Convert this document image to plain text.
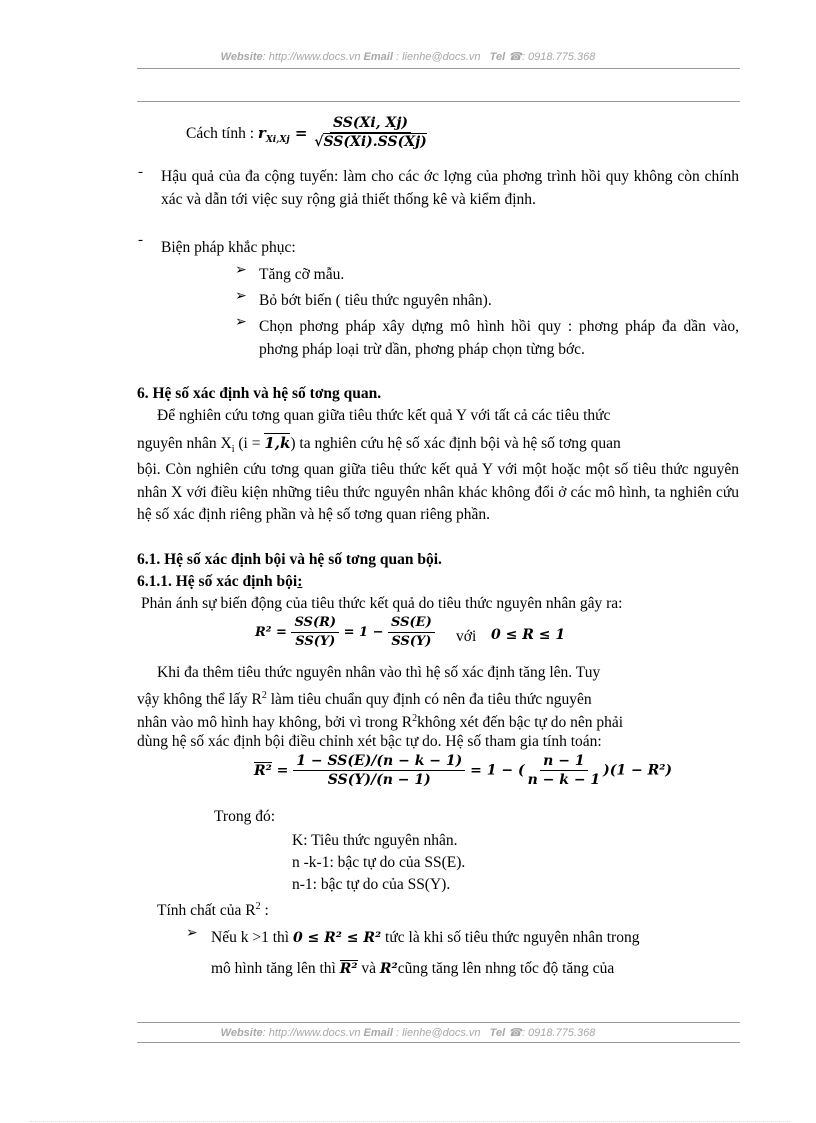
Website: http://www.docs.vn Email : lienhe@docs.vn Tel ☎: 0918.775.368
Cách tính : $r_{Xi,Xj} = \frac{SS(Xi, Xj)}{√SS(Xi).SS(Xj)}$
- Hậu quả của đa cộng tuyến: làm cho các ớc lợng của phơng trình hồi quy không còn chính xác và dẫn tới việc suy rộng giả thiết thống kê và kiểm định.
- Biện pháp khắc phục:
➢ Tăng cỡ mẫu.
➢ Bỏ bớt biến ( tiêu thức nguyên nhân).
➢ Chọn phơng pháp xây dựng mô hình hồi quy : phơng pháp đa dần vào, phơng pháp loại trừ dần, phơng pháp chọn từng bớc.
6. Hệ số xác định và hệ số tơng quan.
Để nghiên cứu tơng quan giữa tiêu thức kết quả Y với tất cả các tiêu thức
nguyên nhân $X_i$ (i = 1,k) ta nghiên cứu hệ số xác định bội và hệ số tơng quan
bội. Còn nghiên cứu tơng quan giữa tiêu thức kết quả Y với một hoặc một số tiêu thức nguyên nhân X với điều kiện những tiêu thức nguyên nhân khác không đổi ở các mô hình, ta nghiên cứu hệ số xác định riêng phần và hệ số tơng quan riêng phần.
6.1. Hệ số xác định bội và hệ số tơng quan bội.
6.1.1. Hệ số xác định bội:
Phản ánh sự biến động của tiêu thức kết quả do tiêu thức nguyên nhân gây ra:
$R^2 = \frac{SS(R)}{SS(Y)} = 1 - \frac{SS(E)}{SS(Y)}$ với 0 ≤ R ≤ 1
Khi đa thêm tiêu thức nguyên nhân vào thì hệ số xác định tăng lên. Tuy
vậy không thể lấy $R^2$ làm tiêu chuẩn quy định có nên đa tiêu thức nguyên
nhân vào mô hình hay không, bởi vì trong $R^2không$ xét đến bậc tự do nên phải
dùng hệ số xác định bội điều chỉnh xét bậc tự do. Hệ số tham gia tính toán:
$R^2 = \frac{1 - SS(E)/(n - k - 1)}{SS(Y)/(n - 1)} = 1$ − ( $\frac{n - 1}{n - k - 1} )(1 - R^2)$
Trong đó:
K: Tiêu thức nguyên nhân.
n -k-1: bậc tự do của SS(E).
n-1: bậc tự do của SS(Y).
Tính chất của $R^2$ :
➢ Nếu k >1 thì 0 ≤ R² ≤ R² tức là khi số tiêu thức nguyên nhân trong
mô hình tăng lên thì R² và R²cũng tăng lên nhng tốc độ tăng của
Website: http://www.docs.vn Email : lienhe@docs.vn Tel ☎: 0918.775.368
